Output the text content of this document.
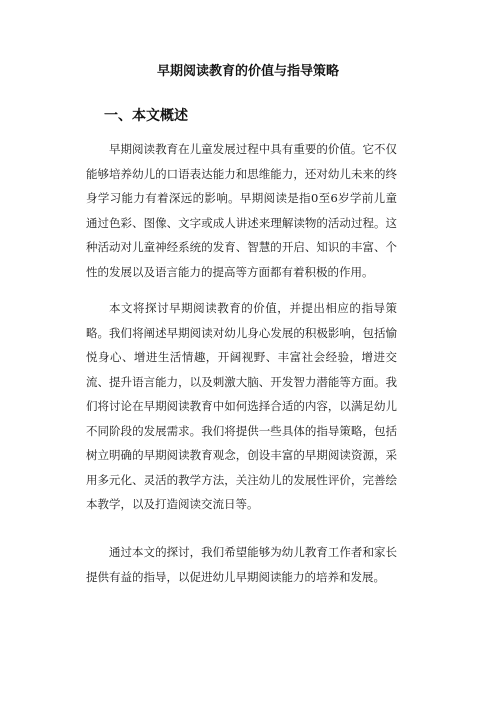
早期阅读教育的价值与指导策略
一、本文概述

早期阅读教育在儿童发展过程中具有重要的价值。它不仅能够培养幼儿的口语表达能力和思维能力，还对幼儿未来的终身学习能力有着深远的影响。早期阅读是指0至6岁学前儿童通过色彩、图像、文字或成人讲述来理解读物的活动过程。这种活动对儿童神经系统的发育、智慧的开启、知识的丰富、个性的发展以及语言能力的提高等方面都有着积极的作用。

本文将探讨早期阅读教育的价值，并提出相应的指导策略。我们将阐述早期阅读对幼儿身心发展的积极影响，包括愉悦身心、增进生活情趣，开阔视野、丰富社会经验，增进交流、提升语言能力，以及刺激大脑、开发智力潜能等方面。我们将讨论在早期阅读教育中如何选择合适的内容，以满足幼儿不同阶段的发展需求。我们将提供一些具体的指导策略，包括树立明确的早期阅读教育观念，创设丰富的早期阅读资源，采用多元化、灵活的教学方法，关注幼儿的发展性评价，完善绘本教学，以及打造阅读交流日等。

通过本文的探讨，我们希望能够为幼儿教育工作者和家长提供有益的指导，以促进幼儿早期阅读能力的培养和发展。
